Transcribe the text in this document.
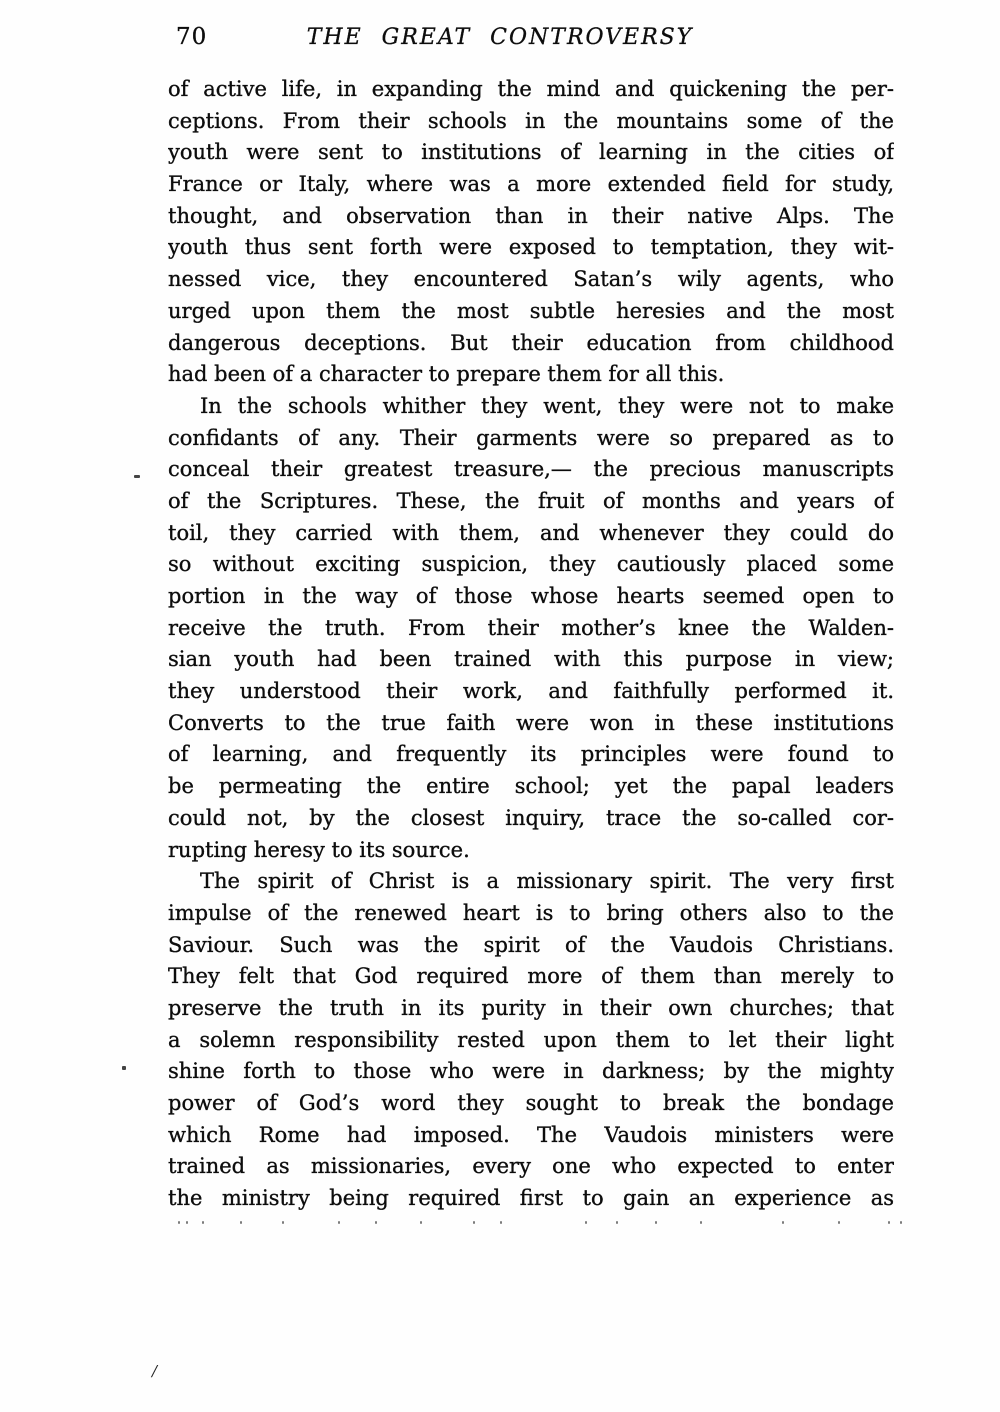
70	THE GREAT CONTROVERSY
of active life, in expanding the mind and quickening the per-
ceptions. From their schools in the mountains some of the
youth were sent to institutions of learning in the cities of
France or Italy, where was a more extended field for study,
thought, and observation than in their native Alps. The
youth thus sent forth were exposed to temptation, they wit-
nessed vice, they encountered Satan’s wily agents, who
urged upon them the most subtle heresies and the most
dangerous deceptions. But their education from childhood
had been of a character to prepare them for all this.
In the schools whither they went, they were not to make
confidants of any. Their garments were so prepared as to
conceal their greatest treasure,— the precious manuscripts
of the Scriptures. These, the fruit of months and years of
toil, they carried with them, and whenever they could do
so without exciting suspicion, they cautiously placed some
portion in the way of those whose hearts seemed open to
receive the truth. From their mother’s knee the Walden-
sian youth had been trained with this purpose in view;
they understood their work, and faithfully performed it.
Converts to the true faith were won in these institutions
of learning, and frequently its principles were found to
be permeating the entire school; yet the papal leaders
could not, by the closest inquiry, trace the so-called cor-
rupting heresy to its source.
The spirit of Christ is a missionary spirit. The very first
impulse of the renewed heart is to bring others also to the
Saviour. Such was the spirit of the Vaudois Christians.
They felt that God required more of them than merely to
preserve the truth in its purity in their own churches; that
a solemn responsibility rested upon them to let their light
shine forth to those who were in darkness; by the mighty
power of God’s word they sought to break the bondage
which Rome had imposed. The Vaudois ministers were
trained as missionaries, every one who expected to enter
the ministry being required first to gain an experience as
/
